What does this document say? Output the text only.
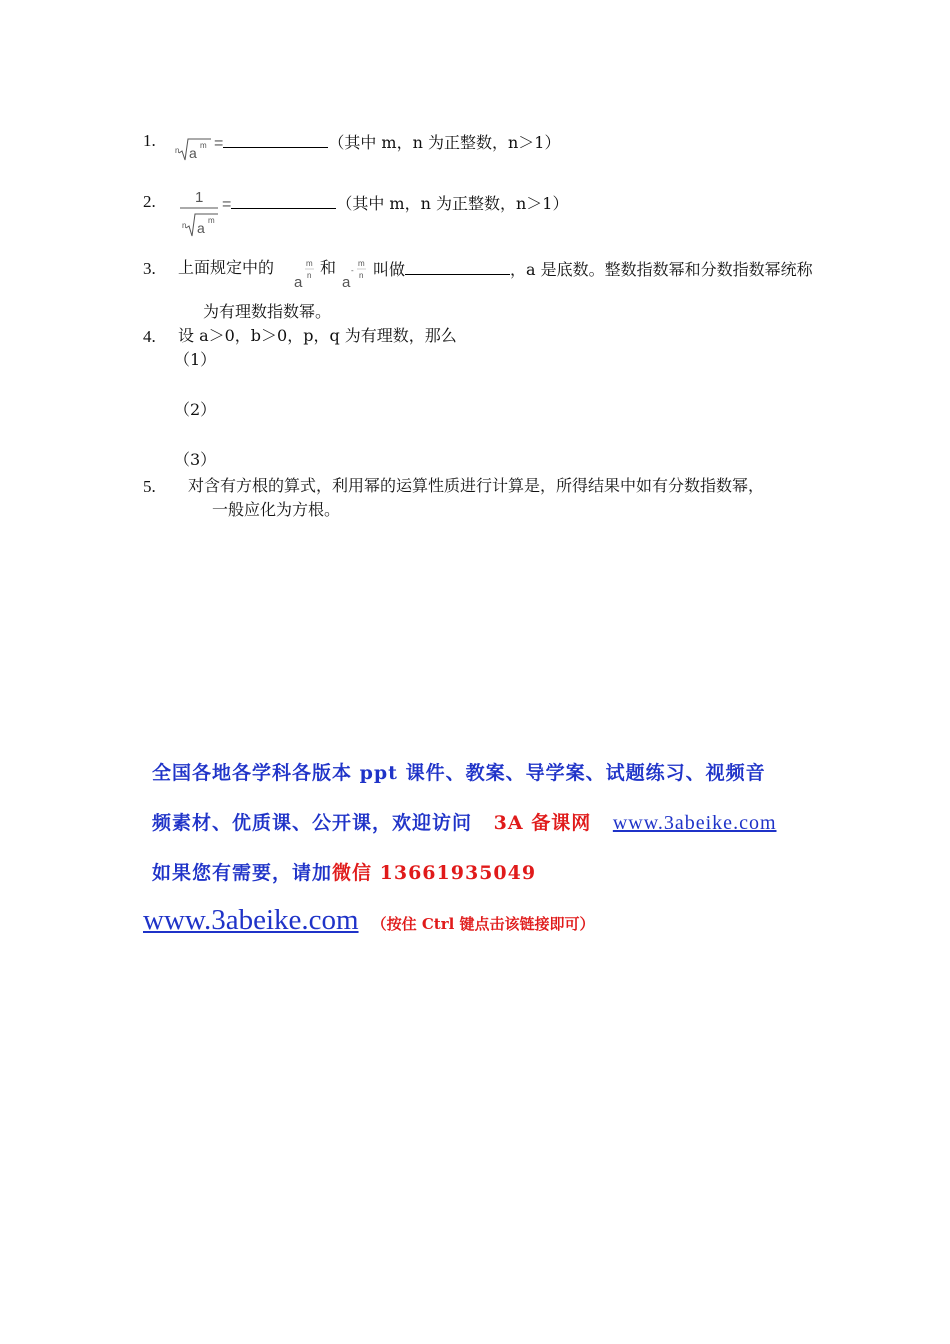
1.
n a m =	（其中 m，n 为正整数，n＞1）
2.	1
n a m
=	（其中 m，n 为正整数，n＞1）
3. 上面规定中的	m
a n 和 -
m
a n 叫做	，a 是底数。整数指数幂和分数指数幂统称
为有理数指数幂。
4. 设 a＞0，b＞0，p，q 为有理数，那么
（1）
（2）
（3）
5. 对含有方根的算式，利用幂的运算性质进行计算是，所得结果中如有分数指数幂，
一般应化为方根。
全国各地各学科各版本 ppt 课件、教案、导学案、试题练习、视频音
频素材、优质课、公开课，欢迎访问 3A 备课网 www.3abeike.com
如果您有需要，请加微信 13661935049
www.3abeike.com （按住 Ctrl 键点击该链接即可）
